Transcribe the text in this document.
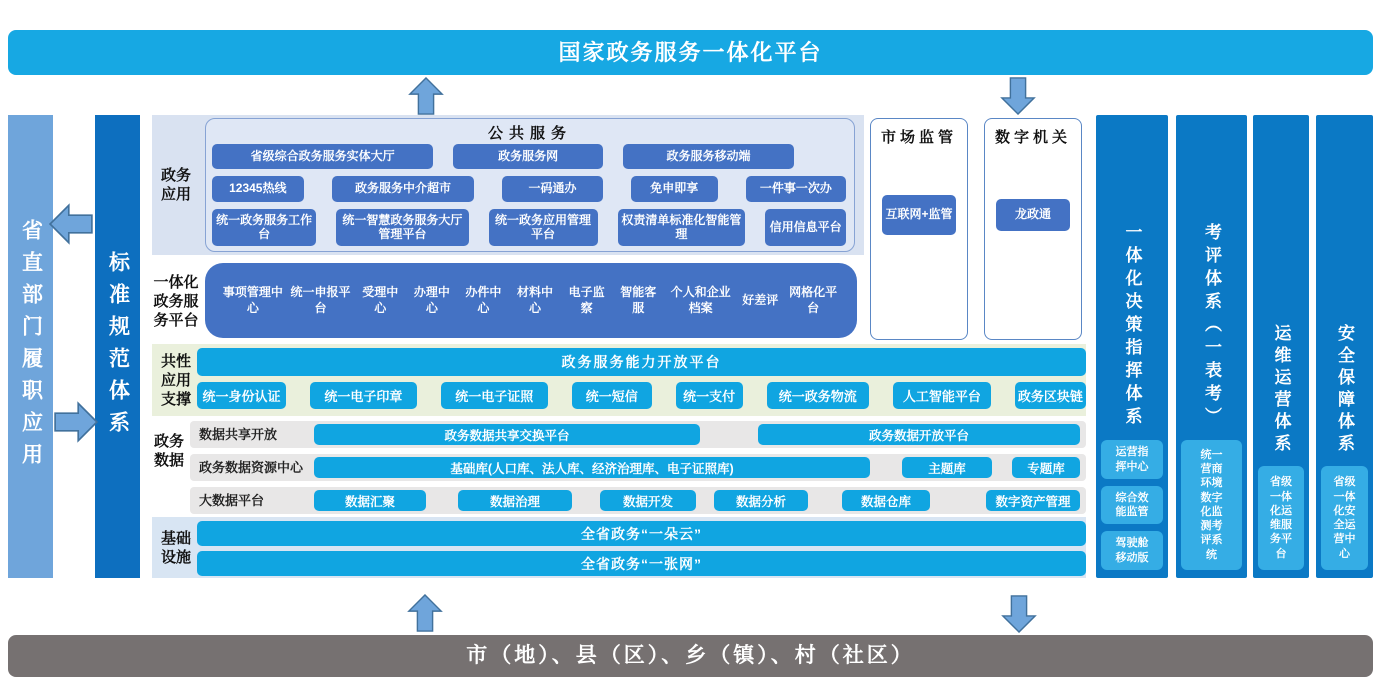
国家政务服务一体化平台
省直部门履职应用	标准规范体系
政务应用
公共服务
省级综合政务服务实体大厅	政务服务网	政务服务移动端
12345热线	政务服务中介超市	一码通办	免申即享	一件事一次办
统一政务服务工作台
统一智慧政务服务大厅管理平台
统一政务应用管理平台
权责清单标准化智能管理	信用信息平台
市场监管
互联网+监管
数字机关
龙政通
一体化政务服务平台
事项管理中心
统一申报平台
受理中心
办理中心
办件中心
材料中心
电子监察
智能客服
个人和企业档案
好差评
网格化平台
共性应用支撑
政务服务能力开放平台
统一身份认证	统一电子印章	统一电子证照	统一短信	统一支付	统一政务物流	人工智能平台	政务区块链
政务数据
数据共享开放	政务数据共享交换平台	政务数据开放平台
政务数据资源中心	基础库(人口库、法人库、经济治理库、电子证照库)	主题库	专题库
大数据平台	数据汇聚	数据治理	数据开发	数据分析	数据仓库	数字资产管理
基础设施
全省政务“一朵云”
全省政务“一张网”
一体化决策指挥体系
运营指挥中心
综合效能监管
驾驶舱移动版
考评体系（一表考）
统一营商环境数字化监测考评系统
运维运营体系
省级一体化运维服务平台
安全保障体系
省级一体化安全运营中心
市（地）、县（区）、乡（镇）、村（社区）
